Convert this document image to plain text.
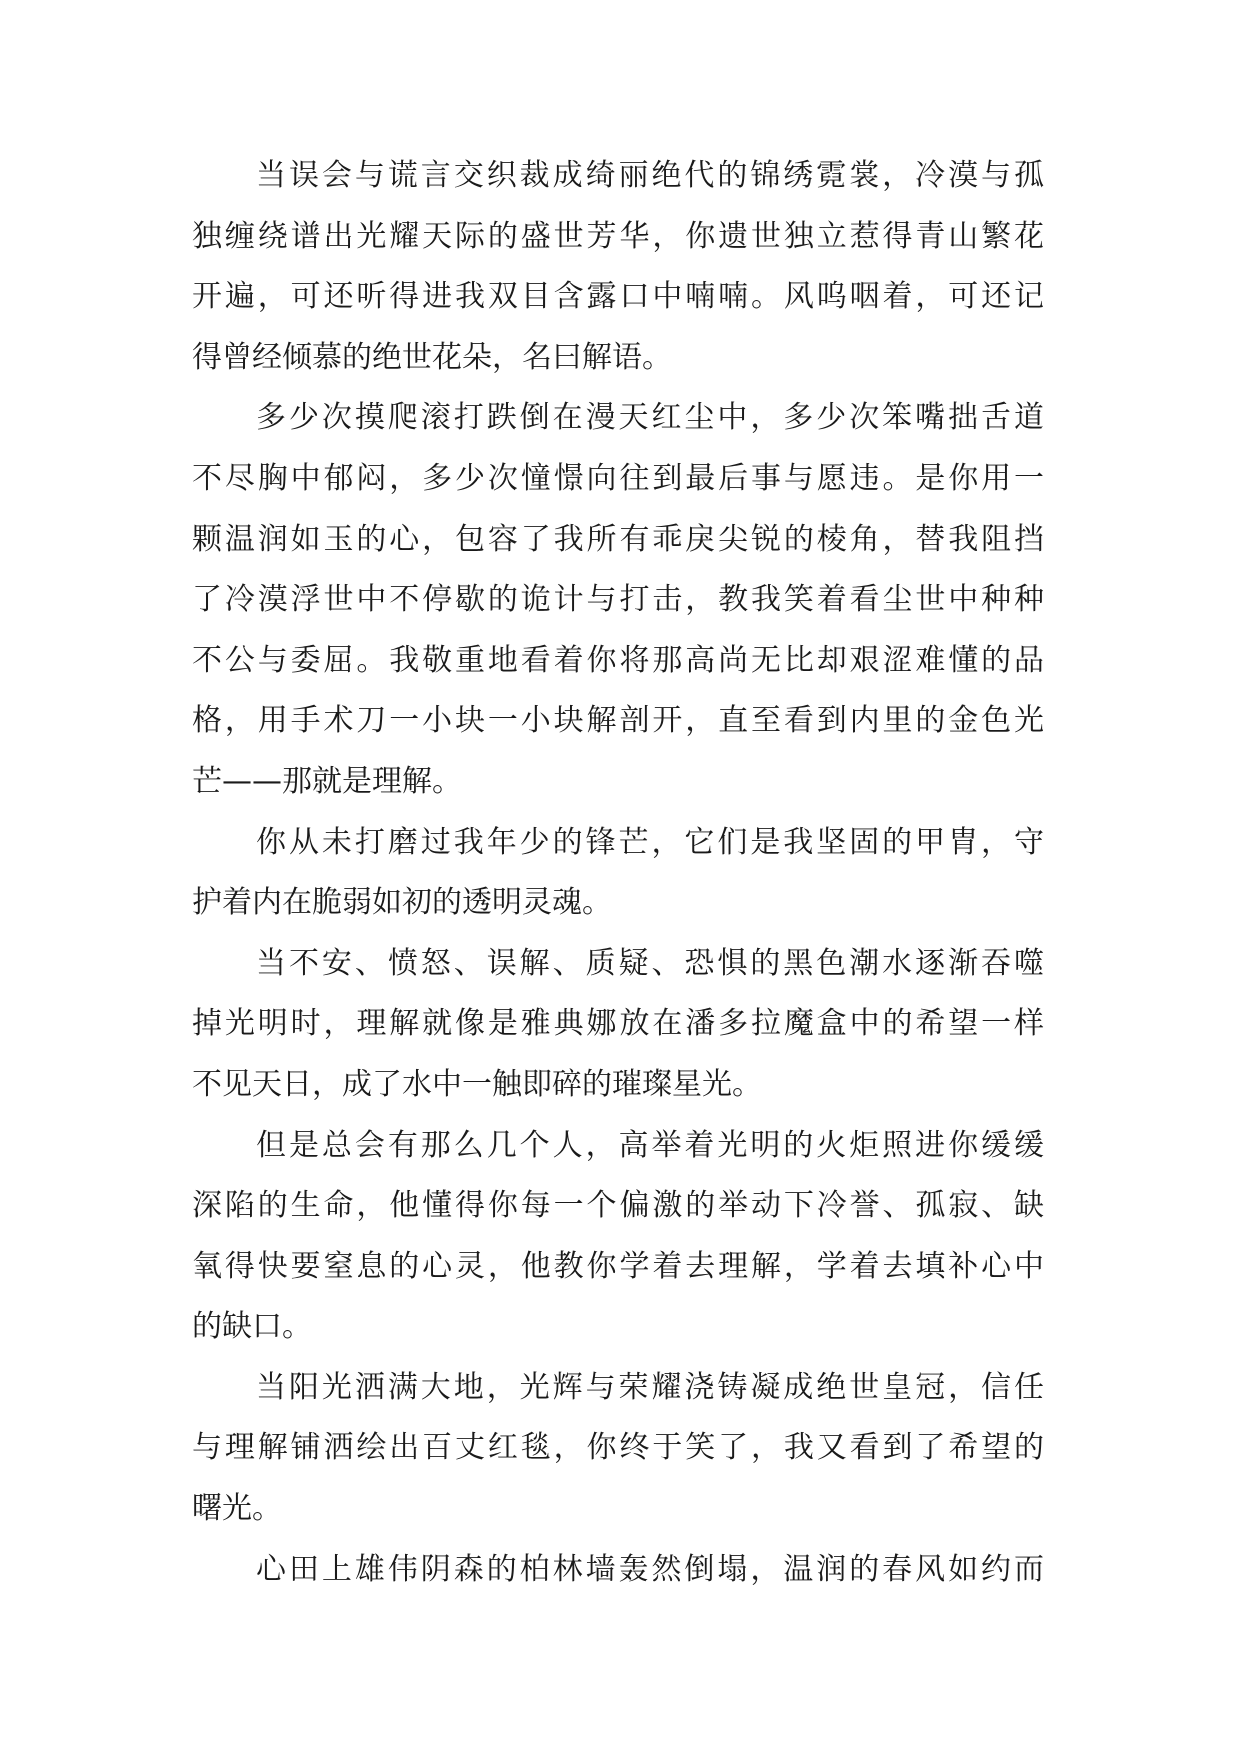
当误会与谎言交织裁成绮丽绝代的锦绣霓裳，冷漠与孤
独缠绕谱出光耀天际的盛世芳华，你遗世独立惹得青山繁花
开遍，可还听得进我双目含露口中喃喃。风呜咽着，可还记
得曾经倾慕的绝世花朵，名曰解语。
多少次摸爬滚打跌倒在漫天红尘中，多少次笨嘴拙舌道
不尽胸中郁闷，多少次憧憬向往到最后事与愿违。是你用一
颗温润如玉的心，包容了我所有乖戾尖锐的棱角，替我阻挡
了冷漠浮世中不停歇的诡计与打击，教我笑着看尘世中种种
不公与委屈。我敬重地看着你将那高尚无比却艰涩难懂的品
格，用手术刀一小块一小块解剖开，直至看到内里的金色光
芒——那就是理解。
你从未打磨过我年少的锋芒，它们是我坚固的甲胄，守
护着内在脆弱如初的透明灵魂。
当不安、愤怒、误解、质疑、恐惧的黑色潮水逐渐吞噬
掉光明时，理解就像是雅典娜放在潘多拉魔盒中的希望一样
不见天日，成了水中一触即碎的璀璨星光。
但是总会有那么几个人，高举着光明的火炬照进你缓缓
深陷的生命，他懂得你每一个偏激的举动下冷誉、孤寂、缺
氧得快要窒息的心灵，他教你学着去理解，学着去填补心中
的缺口。
当阳光洒满大地，光辉与荣耀浇铸凝成绝世皇冠，信任
与理解铺洒绘出百丈红毯，你终于笑了，我又看到了希望的
曙光。
心田上雄伟阴森的柏林墙轰然倒塌，温润的春风如约而
